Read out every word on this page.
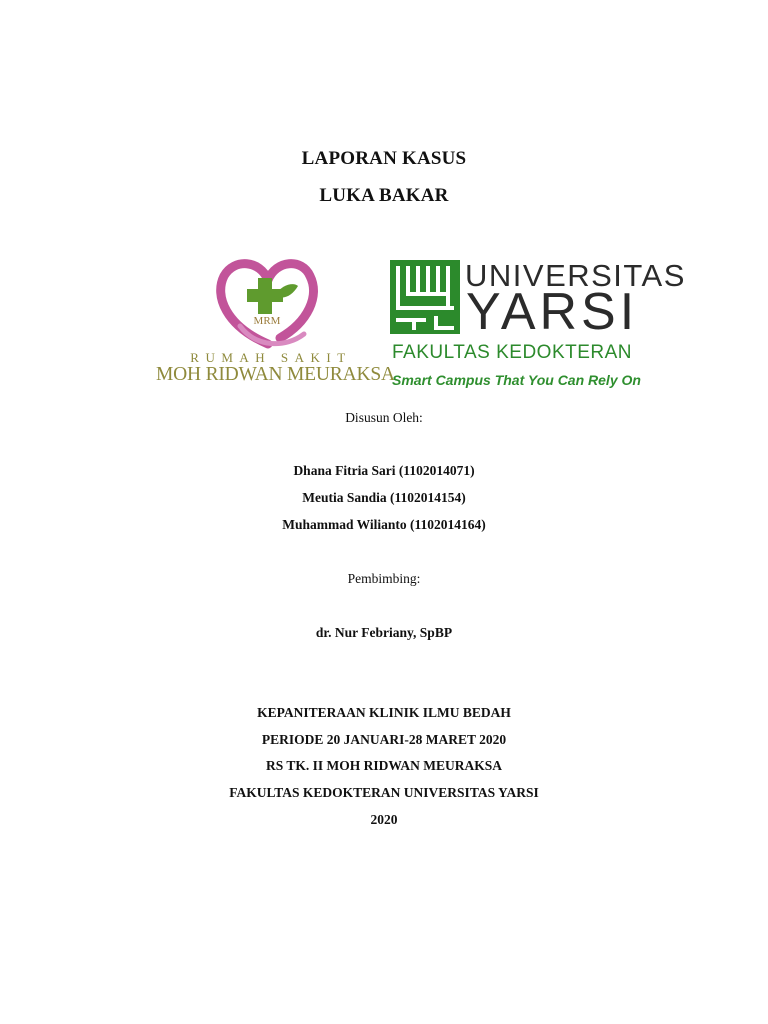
LAPORAN KASUS
LUKA BAKAR
MRM
RUMAH SAKIT
MOH RIDWAN MEURAKSA
UNIVERSITAS
YARSI
FAKULTAS KEDOKTERAN
Smart Campus That You Can Rely On
Disusun Oleh:
Dhana Fitria Sari (1102014071)
Meutia Sandia (1102014154)
Muhammad Wilianto (1102014164)
Pembimbing:
dr. Nur Febriany, SpBP
KEPANITERAAN KLINIK ILMU BEDAH
PERIODE 20 JANUARI-28 MARET 2020
RS TK. II MOH RIDWAN MEURAKSA
FAKULTAS KEDOKTERAN UNIVERSITAS YARSI
2020
